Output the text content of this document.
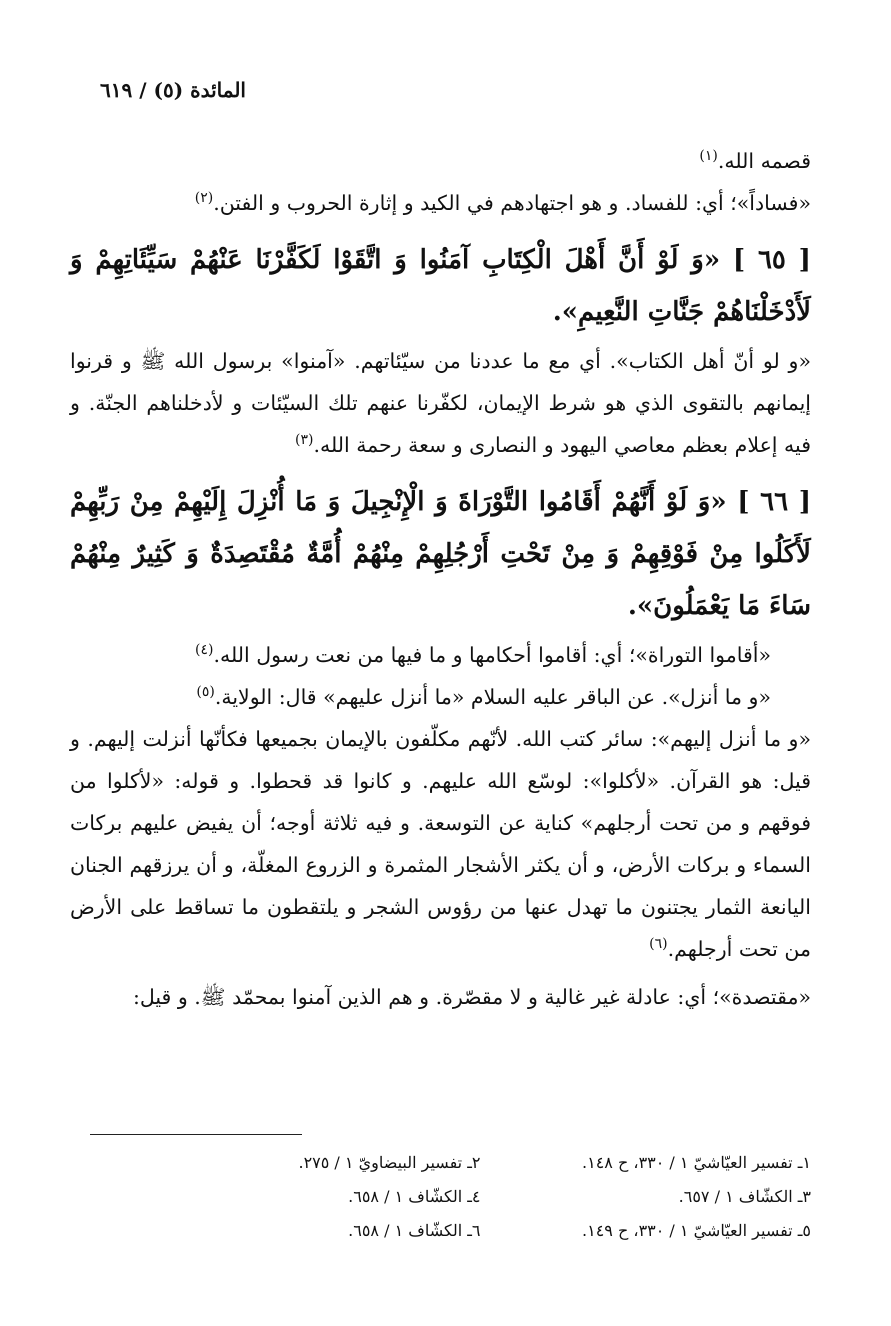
المائدة (٥) / ٦١٩

قصمه الله.$^{(١)}$

«فساداً»؛ أي: للفساد. و هو اجتهادهم في الكيد و إثارة الحروب و الفتن.$^{(٢)}$

[ ٦٥ ] «وَ لَوْ أَنَّ أَهْلَ الْكِتَابِ آمَنُوا وَ اتَّقَوْا لَكَفَّرْنَا عَنْهُمْ سَيِّئَاتِهِمْ وَ لَأَدْخَلْنَاهُمْ جَنَّاتِ النَّعِيمِ».

«و لو أنّ أهل الكتاب». أي مع ما عددنا من سيّئاتهم. «آمنوا» برسول الله ﷺ و قرنوا إيمانهم بالتقوى الذي هو شرط الإيمان، لكفّرنا عنهم تلك السيّئات و لأدخلناهم الجنّة. و فيه إعلام بعظم معاصي اليهود و النصارى و سعة رحمة الله.$^{(٣)}$

[ ٦٦ ] «وَ لَوْ أَنَّهُمْ أَقَامُوا التَّوْرَاةَ وَ الْإِنْجِيلَ وَ مَا أُنْزِلَ إِلَيْهِمْ مِنْ رَبِّهِمْ لَأَكَلُوا مِنْ فَوْقِهِمْ وَ مِنْ تَحْتِ أَرْجُلِهِمْ مِنْهُمْ أُمَّةٌ مُقْتَصِدَةٌ وَ كَثِيرٌ مِنْهُمْ سَاءَ مَا يَعْمَلُونَ».

«أقاموا التوراة»؛ أي: أقاموا أحكامها و ما فيها من نعت رسول الله.$^{(٤)}$

«و ما أنزل». عن الباقر عليه السلام «ما أنزل عليهم» قال: الولاية.$^{(٥)}$

«و ما أنزل إليهم»: سائر كتب الله. لأنّهم مكلّفون بالإيمان بجميعها فكأنّها أنزلت إليهم. و قيل: هو القرآن. «لأكلوا»: لوسّع الله عليهم. و كانوا قد قحطوا. و قوله: «لأكلوا من فوقهم و من تحت أرجلهم» كناية عن التوسعة. و فيه ثلاثة أوجه؛ أن يفيض عليهم بركات السماء و بركات الأرض، و أن يكثر الأشجار المثمرة و الزروع المغلّة، و أن يرزقهم الجنان اليانعة الثمار يجتنون ما تهدل عنها من رؤوس الشجر و يلتقطون ما تساقط على الأرض من تحت أرجلهم.$^{(٦)}$

«مقتصدة»؛ أي: عادلة غير غالية و لا مقصّرة. و هم الذين آمنوا بمحمّد ﷺ. و قيل:

١ـ تفسير العيّاشيّ ١ / ٣٣٠، ح ١٤٨.
٢ـ تفسير البيضاويّ ١ / ٢٧٥.
٣ـ الكشّاف ١ / ٦٥٧.
٤ـ الكشّاف ١ / ٦٥٨.
٥ـ تفسير العيّاشيّ ١ / ٣٣٠، ح ١٤٩.
٦ـ الكشّاف ١ / ٦٥٨.
